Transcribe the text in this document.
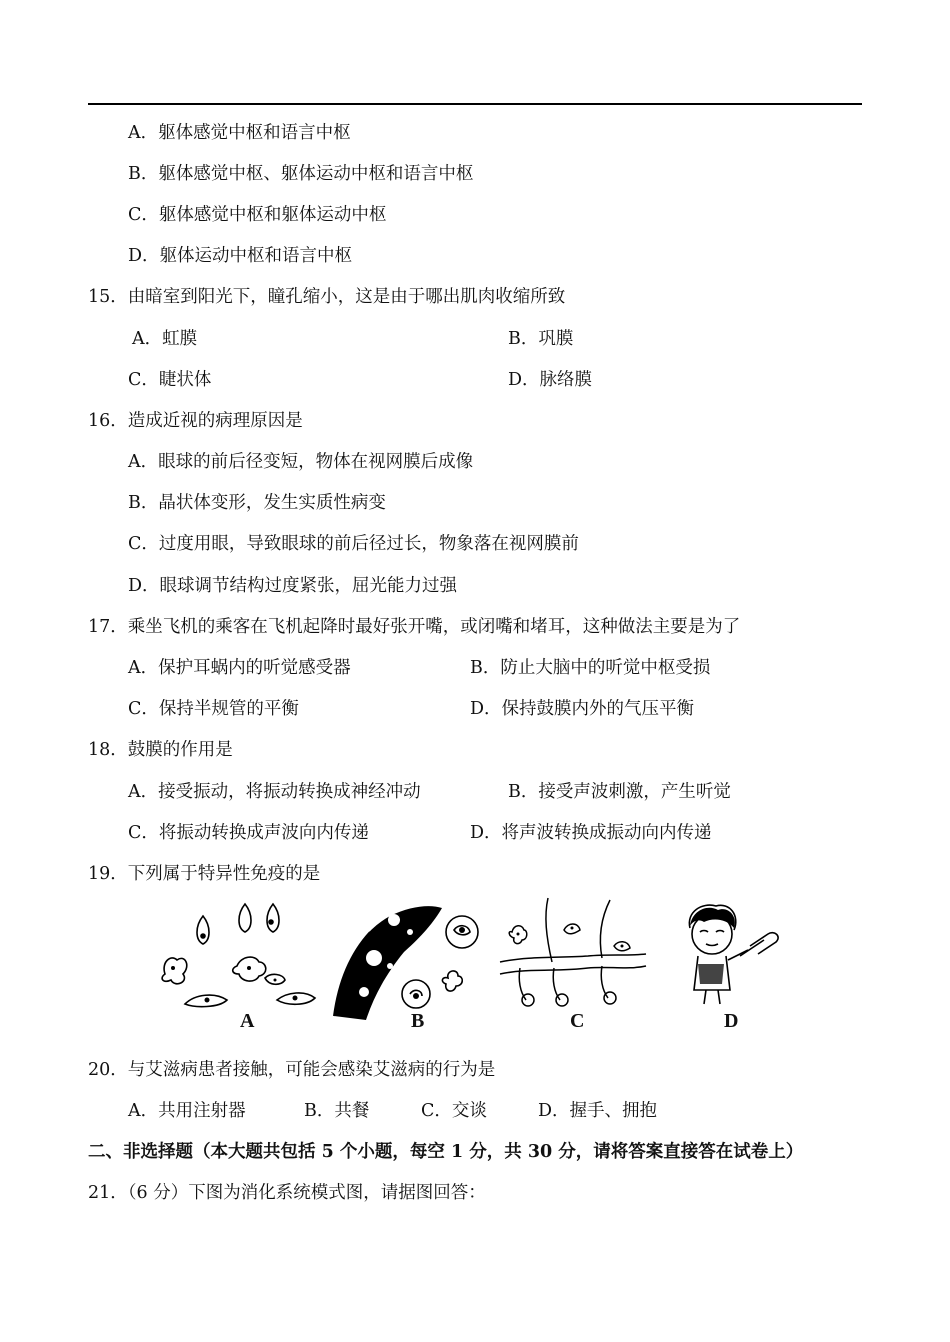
A．躯体感觉中枢和语言中枢
B．躯体感觉中枢、躯体运动中枢和语言中枢
C．躯体感觉中枢和躯体运动中枢
D．躯体运动中枢和语言中枢
15．由暗室到阳光下，瞳孔缩小，这是由于哪出肌肉收缩所致
A．虹膜	B．巩膜
C．睫状体	D．脉络膜
16．造成近视的病理原因是
A．眼球的前后径变短，物体在视网膜后成像
B．晶状体变形，发生实质性病变
C．过度用眼，导致眼球的前后径过长，物象落在视网膜前
D．眼球调节结构过度紧张，屈光能力过强
17．乘坐飞机的乘客在飞机起降时最好张开嘴，或闭嘴和堵耳，这种做法主要是为了
A．保护耳蜗内的听觉感受器	B．防止大脑中的听觉中枢受损
C．保持半规管的平衡	D．保持鼓膜内外的气压平衡
18．鼓膜的作用是
A．接受振动，将振动转换成神经冲动	B．接受声波刺激，产生听觉
C．将振动转换成声波向内传递	D．将声波转换成振动向内传递
19．下列属于特异性免疫的是
A	B	C	D
20．与艾滋病患者接触，可能会感染艾滋病的行为是
A．共用注射器	B．共餐	C．交谈	D．握手、拥抱
二、非选择题（本大题共包括 5 个小题，每空 1 分，共 30 分，请将答案直接答在试卷上）
21．（6 分）下图为消化系统模式图，请据图回答：
